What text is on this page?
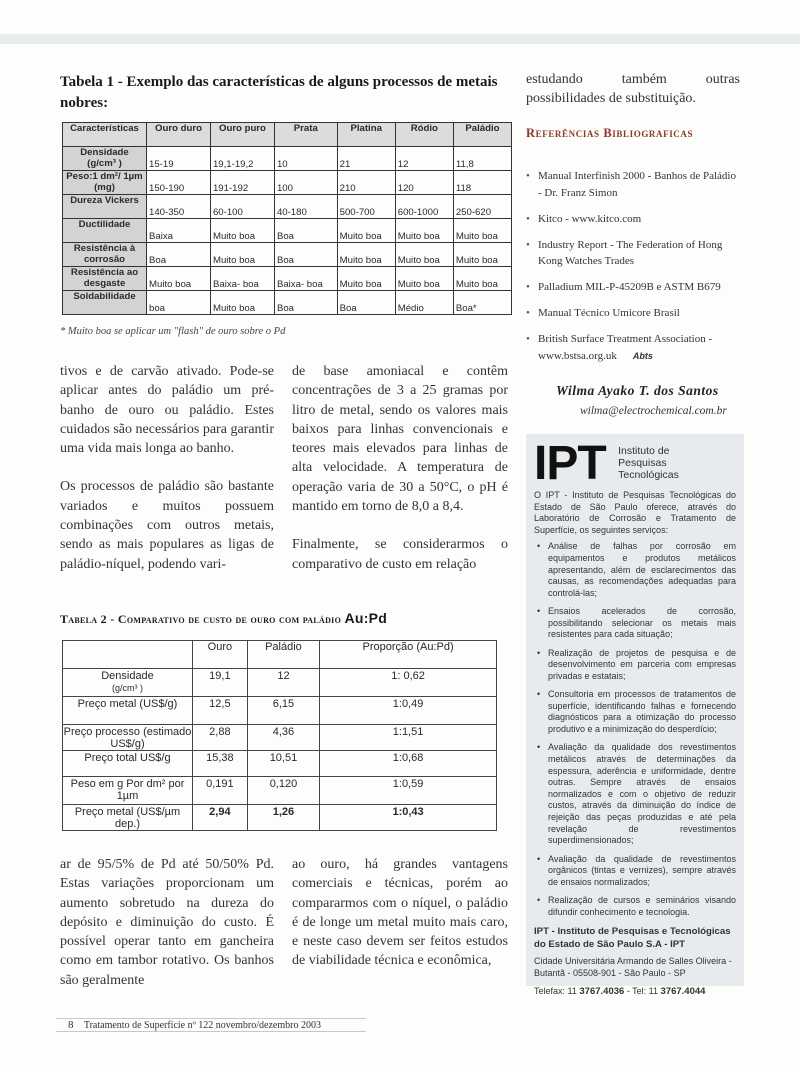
Tabela 1 - Exemplo das características de alguns processos de metais nobres:
Características	Ouro duro	Ouro puro	Prata	Platina	Ródio	Paládio
Densidade (g/cm³ )	15-19	19,1-19,2	10	21	12	11,8
Peso:1 dm²/ 1µm (mg)	150-190	191-192	100	210	120	118
Dureza Vickers	140-350	60-100	40-180	500-700	600-1000	250-620
Ductilidade	Baixa	Muito boa	Boa	Muito boa	Muito boa	Muito boa
Resistência à corrosão	Boa	Muito boa	Boa	Muito boa	Muito boa	Muito boa
Resistência ao desgaste	Muito boa	Baixa- boa	Baixa- boa	Muito boa	Muito boa	Muito boa
Soldabilidade	boa	Muito boa	Boa	Boa	Médio	Boa*
* Muito boa se aplicar um "flash" de ouro sobre o Pd

tivos e de carvão ativado. Pode-se aplicar antes do paládio um pré-banho de ouro ou paládio. Estes cuidados são necessários para garantir uma vida mais longa ao banho.

Os processos de paládio são bastante variados e muitos possuem combinações com outros metais, sendo as mais populares as ligas de paládio-níquel, podendo vari-

de base amoniacal e contêm concentrações de 3 a 25 gramas por litro de metal, sendo os valores mais baixos para linhas convencionais e teores mais elevados para linhas de alta velocidade. A temperatura de operação varia de 30 a 50°C, o pH é mantido em torno de 8,0 a 8,4.

Finalmente, se considerarmos o comparativo de custo em relação

Tabela 2 - Comparativo de custo de ouro com paládio Au:Pd
	Ouro	Paládio	Proporção (Au:Pd)

Densidade
(g/cm³ )	19,1	12	1: 0,62

Preço metal (US$/g)	12,5	6,15	1:0,49

Preço processo (estimado US$/g)	2,88	4,36	1:1,51

Preço total US$/g	15,38	10,51	1:0,68

Peso em g Por dm² por 1µm	0,191	0,120	1:0,59

Preço metal (US$/µm dep.)	2,94	1,26	1:0,43

ar de 95/5% de Pd até 50/50% Pd. Estas variações proporcionam um aumento sobretudo na dureza do depósito e diminuição do custo. É possível operar tanto em gancheira como em tambor rotativo. Os banhos são geralmente

ao ouro, há grandes vantagens comerciais e técnicas, porém ao compararmos com o níquel, o paládio é de longe um metal muito mais caro, e neste caso devem ser feitos estudos de viabilidade técnica e econômica,

estudando também outras possibilidades de substituição.
Referências Bibliograficas
• Manual Interfinish 2000 - Banhos de Paládio - Dr. Franz Simon
• Kitco - www.kitco.com
• Industry Report - The Federation of Hong Kong Watches Trades
• Palladium MIL-P-45209B e ASTM B679
• Manual Técnico Umicore Brasil
• British Surface Treatment Association - www.bstsa.org.uk Abts
Wilma Ayako T. dos Santos
wilma@electrochemical.com.br
IPT Instituto de
Pesquisas
Tecnológicas
O IPT - Instituto de Pesquisas Tecnológicas do Estado de São Paulo oferece, através do Laboratório de Corrosão e Tratamento de Superfície, os seguintes serviços:
• Análise de falhas por corrosão em equipamentos e produtos metálicos apresentando, além de esclarecimentos das causas, as recomendações adequadas para controlá-las;
• Ensaios acelerados de corrosão, possibilitando selecionar os metais mais resistentes para cada situação;
• Realização de projetos de pesquisa e de desenvolvimento em parceria com empresas privadas e estatais;
• Consultoria em processos de tratamentos de superfície, identificando falhas e fornecendo diagnósticos para a otimização do processo produtivo e a minimização do desperdício;
• Avaliação da qualidade dos revestimentos metálicos através de determinações da espessura, aderência e uniformidade, dentre outras. Sempre através de ensaios normalizados e com o objetivo de reduzir custos, através da diminuição do índice de rejeição das peças produzidas e até pela revelação de revestimentos superdimensionados;
• Avaliação da qualidade de revestimentos orgânicos (tintas e vernizes), sempre através de ensaios normalizados;
• Realização de cursos e seminários visando difundir conhecimento e tecnologia.
IPT - Instituto de Pesquisas e Tecnológicas do Estado de São Paulo S.A - IPT
Cidade Universitária Armando de Salles Oliveira - Butantã - 05508-901 - São Paulo - SP
Telefax: 11 3767.4036 - Tel: 11 3767.4044
8 Tratamento de Superfície nº 122 novembro/dezembro 2003
